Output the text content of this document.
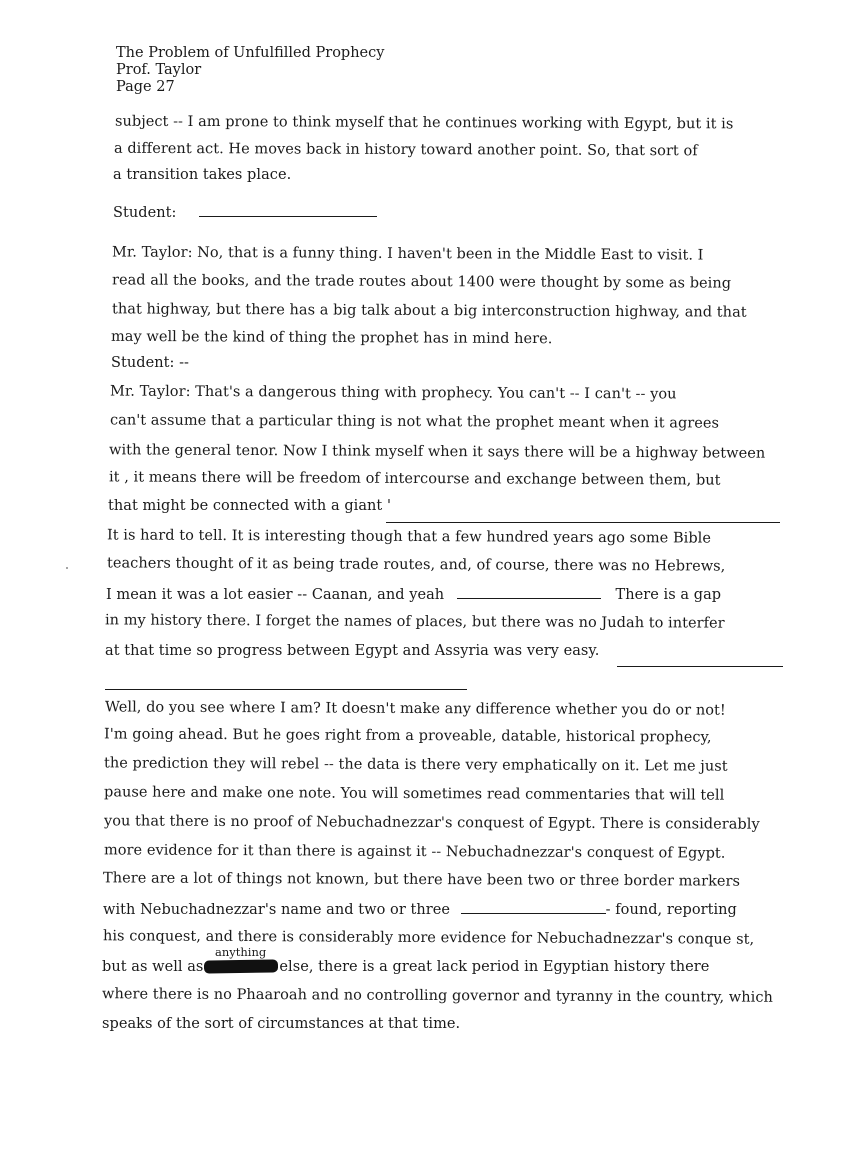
The Problem of Unfulfilled Prophecy
Prof. Taylor
Page 27
subject -- I am prone to think myself that he continues working with Egypt, but it is
a different act. He moves back in history toward another point. So, that sort of
a transition takes place.
Student:
Mr. Taylor: No, that is a funny thing. I haven't been in the Middle East to visit. I
read all the books, and the trade routes about 1400 were thought by some as being
that highway, but there has a big talk about a big interconstruction highway, and that
may well be the kind of thing the prophet has in mind here.
Student: --
Mr. Taylor: That's a dangerous thing with prophecy. You can't -- I can't -- you
can't assume that a particular thing is not what the prophet meant when it agrees
with the general tenor. Now I think myself when it says there will be a highway between
it , it means there will be freedom of intercourse and exchange between them, but
that might be connected with a giant '
It is hard to tell. It is interesting though that a few hundred years ago some Bible
teachers thought of it as being trade routes, and, of course, there was no Hebrews,
I mean it was a lot easier -- Caanan, and yeah	There is a gap
in my history there. I forget the names of places, but there was no Judah to interfer
at that time so progress between Egypt and Assyria was very easy.
Well, do you see where I am? It doesn't make any difference whether you do or not!
I'm going ahead. But he goes right from a proveable, datable, historical prophecy,
the prediction they will rebel -- the data is there very emphatically on it. Let me just
pause here and make one note. You will sometimes read commentaries that will tell
you that there is no proof of Nebuchadnezzar's conquest of Egypt. There is considerably
more evidence for it than there is against it -- Nebuchadnezzar's conquest of Egypt.
There are a lot of things not known, but there have been two or three border markers
with Nebuchadnezzar's name and two or three	- found, reporting
his conquest, and there is considerably more evidence for Nebuchadnezzar's conque st,
anything
but as well as	else, there is a great lack period in Egyptian history there
where there is no Phaaroah and no controlling governor and tyranny in the country, which
speaks of the sort of circumstances at that time.
